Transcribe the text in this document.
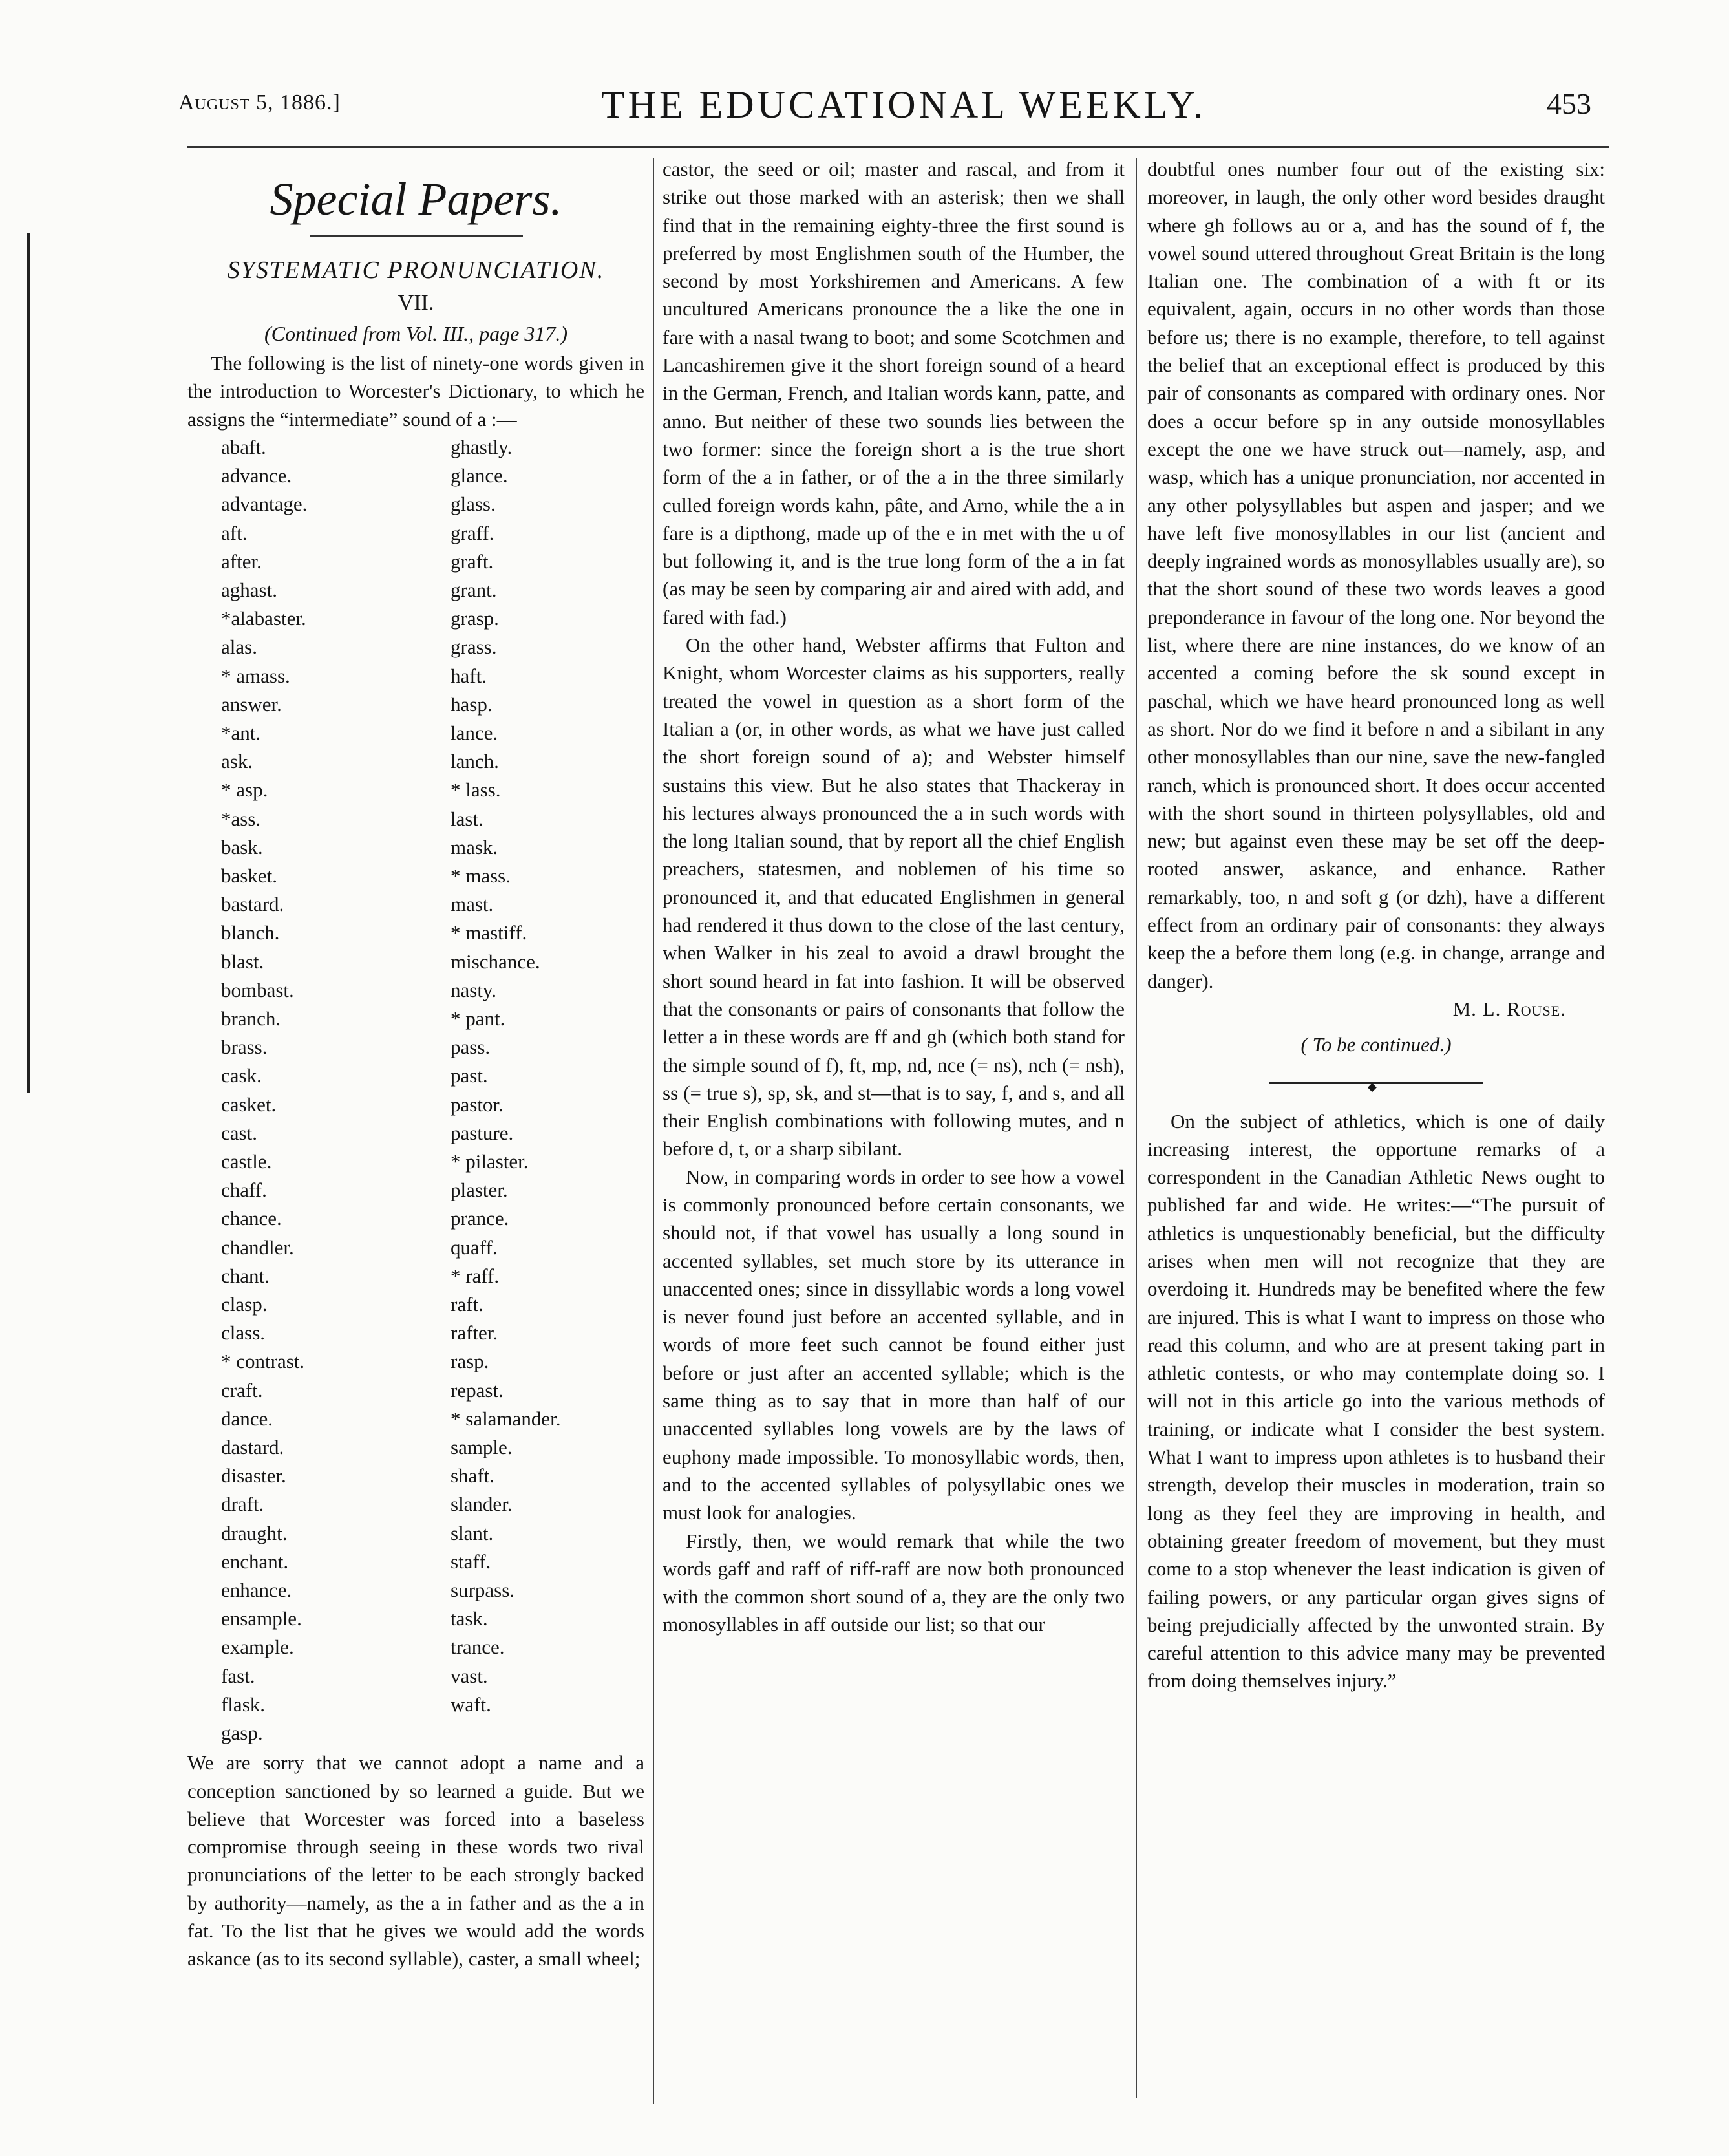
August 5, 1886.]	THE EDUCATIONAL WEEKLY.	453
Special Papers.
SYSTEMATIC PRONUNCIATION.
VII.
(Continued from Vol. III., page 317.)

The following is the list of ninety-one words given in the introduction to Worcester's Dictionary, to which he assigns the “intermediate” sound of a :—

abaft.	ghastly.
advance.	glance.
advantage.	glass.
aft.	graff.
after.	graft.
aghast.	grant.
*alabaster.	grasp.
alas.	grass.
* amass.	haft.
answer.	hasp.
*ant.	lance.
ask.	lanch.
* asp.	* lass.
*ass.	last.
bask.	mask.
basket.	* mass.
bastard.	mast.
blanch.	* mastiff.
blast.	mischance.
bombast.	nasty.
branch.	* pant.
brass.	pass.
cask.	past.
casket.	pastor.
cast.	pasture.
castle.	* pilaster.
chaff.	plaster.
chance.	prance.
chandler.	quaff.
chant.	* raff.
clasp.	raft.
class.	rafter.
* contrast.	rasp.
craft.	repast.
dance.	* salamander.
dastard.	sample.
disaster.	shaft.
draft.	slander.
draught.	slant.
enchant.	staff.
enhance.	surpass.
ensample.	task.
example.	trance.
fast.	vast.
flask.	waft.
gasp.

We are sorry that we cannot adopt a name and a conception sanctioned by so learned a guide. But we believe that Worcester was forced into a baseless compromise through seeing in these words two rival pronunciations of the letter to be each strongly backed by authority—namely, as the a in father and as the a in fat. To the list that he gives we would add the words askance (as to its second syllable), caster, a small wheel;

castor, the seed or oil; master and rascal, and from it strike out those marked with an asterisk; then we shall find that in the remaining eighty-three the first sound is preferred by most Englishmen south of the Humber, the second by most Yorkshiremen and Americans. A few uncultured Americans pronounce the a like the one in fare with a nasal twang to boot; and some Scotchmen and Lancashiremen give it the short foreign sound of a heard in the German, French, and Italian words kann, patte, and anno. But neither of these two sounds lies between the two former: since the foreign short a is the true short form of the a in father, or of the a in the three similarly culled foreign words kahn, pâte, and Arno, while the a in fare is a dipthong, made up of the e in met with the u of but following it, and is the true long form of the a in fat (as may be seen by comparing air and aired with add, and fared with fad.)

On the other hand, Webster affirms that Fulton and Knight, whom Worcester claims as his supporters, really treated the vowel in question as a short form of the Italian a (or, in other words, as what we have just called the short foreign sound of a); and Webster himself sustains this view. But he also states that Thackeray in his lectures always pronounced the a in such words with the long Italian sound, that by report all the chief English preachers, statesmen, and noblemen of his time so pronounced it, and that educated Englishmen in general had rendered it thus down to the close of the last century, when Walker in his zeal to avoid a drawl brought the short sound heard in fat into fashion. It will be observed that the consonants or pairs of consonants that follow the letter a in these words are ff and gh (which both stand for the simple sound of f), ft, mp, nd, nce (= ns), nch (= nsh), ss (= true s), sp, sk, and st—that is to say, f, and s, and all their English combinations with following mutes, and n before d, t, or a sharp sibilant.

Now, in comparing words in order to see how a vowel is commonly pronounced before certain consonants, we should not, if that vowel has usually a long sound in accented syllables, set much store by its utterance in unaccented ones; since in dissyllabic words a long vowel is never found just before an accented syllable, and in words of more feet such cannot be found either just before or just after an accented syllable; which is the same thing as to say that in more than half of our unaccented syllables long vowels are by the laws of euphony made impossible. To monosyllabic words, then, and to the accented syllables of polysyllabic ones we must look for analogies.

Firstly, then, we would remark that while the two words gaff and raff of riff-raff are now both pronounced with the common short sound of a, they are the only two monosyllables in aff outside our list; so that our

doubtful ones number four out of the existing six: moreover, in laugh, the only other word besides draught where gh follows au or a, and has the sound of f, the vowel sound uttered throughout Great Britain is the long Italian one. The combination of a with ft or its equivalent, again, occurs in no other words than those before us; there is no example, therefore, to tell against the belief that an exceptional effect is produced by this pair of consonants as compared with ordinary ones. Nor does a occur before sp in any outside monosyllables except the one we have struck out—namely, asp, and wasp, which has a unique pronunciation, nor accented in any other polysyllables but aspen and jasper; and we have left five monosyllables in our list (ancient and deeply ingrained words as monosyllables usually are), so that the short sound of these two words leaves a good preponderance in favour of the long one. Nor beyond the list, where there are nine instances, do we know of an accented a coming before the sk sound except in paschal, which we have heard pronounced long as well as short. Nor do we find it before n and a sibilant in any other monosyllables than our nine, save the new-fangled ranch, which is pronounced short. It does occur accented with the short sound in thirteen polysyllables, old and new; but against even these may be set off the deep-rooted answer, askance, and enhance. Rather remarkably, too, n and soft g (or dzh), have a different effect from an ordinary pair of consonants: they always keep the a before them long (e.g. in change, arrange and danger).

M. L. Rouse.

( To be continued.)

◆

On the subject of athletics, which is one of daily increasing interest, the opportune remarks of a correspondent in the Canadian Athletic News ought to published far and wide. He writes:—“The pursuit of athletics is unquestionably beneficial, but the difficulty arises when men will not recognize that they are overdoing it. Hundreds may be benefited where the few are injured. This is what I want to impress on those who read this column, and who are at present taking part in athletic contests, or who may contemplate doing so. I will not in this article go into the various methods of training, or indicate what I consider the best system. What I want to impress upon athletes is to husband their strength, develop their muscles in moderation, train so long as they feel they are improving in health, and obtaining greater freedom of movement, but they must come to a stop whenever the least indication is given of failing powers, or any particular organ gives signs of being prejudicially affected by the unwonted strain. By careful attention to this advice many may be prevented from doing themselves injury.”
